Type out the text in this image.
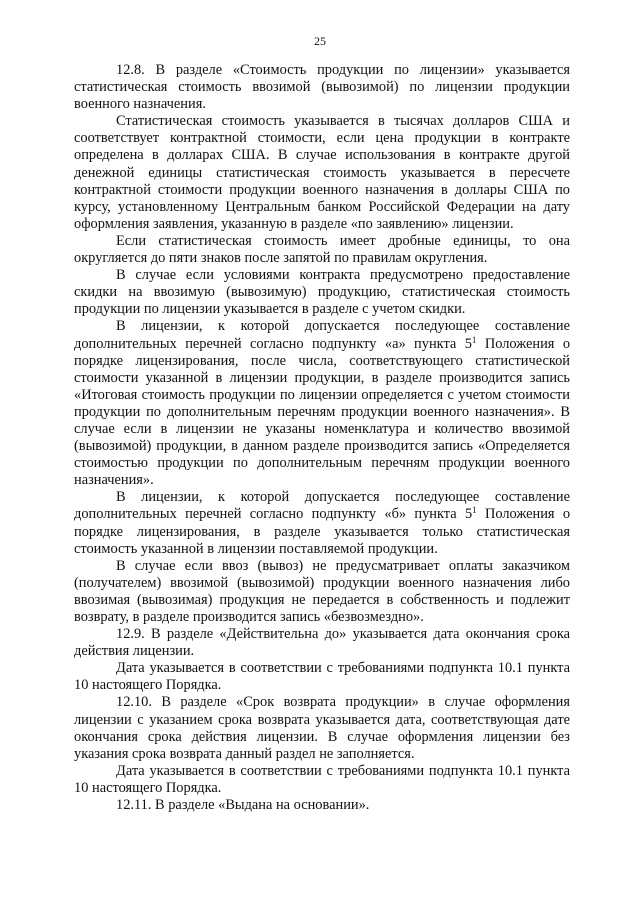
25

12.8. В разделе «Стоимость продукции по лицензии» указывается статистическая стоимость ввозимой (вывозимой) по лицензии продукции военного назначения.

Статистическая стоимость указывается в тысячах долларов США и соответствует контрактной стоимости, если цена продукции в контракте определена в долларах США. В случае использования в контракте другой денежной единицы статистическая стоимость указывается в пересчете контрактной стоимости продукции военного назначения в доллары США по курсу, установленному Центральным банком Российской Федерации на дату оформления заявления, указанную в разделе «по заявлению» лицензии.

Если статистическая стоимость имеет дробные единицы, то она округляется до пяти знаков после запятой по правилам округления.

В случае если условиями контракта предусмотрено предоставление скидки на ввозимую (вывозимую) продукцию, статистическая стоимость продукции по лицензии указывается в разделе с учетом скидки.

В лицензии, к которой допускается последующее составление дополнительных перечней согласно подпункту «а» пункта $5^1$ Положения о порядке лицензирования, после числа, соответствующего статистической стоимости указанной в лицензии продукции, в разделе производится запись «Итоговая стоимость продукции по лицензии определяется с учетом стоимости продукции по дополнительным перечням продукции военного назначения». В случае если в лицензии не указаны номенклатура и количество ввозимой (вывозимой) продукции, в данном разделе производится запись «Определяется стоимостью продукции по дополнительным перечням продукции военного назначения».

В лицензии, к которой допускается последующее составление дополнительных перечней согласно подпункту «б» пункта $5^1$ Положения о порядке лицензирования, в разделе указывается только статистическая стоимость указанной в лицензии поставляемой продукции.

В случае если ввоз (вывоз) не предусматривает оплаты заказчиком (получателем) ввозимой (вывозимой) продукции военного назначения либо ввозимая (вывозимая) продукция не передается в собственность и подлежит возврату, в разделе производится запись «безвозмездно».

12.9. В разделе «Действительна до» указывается дата окончания срока действия лицензии.

Дата указывается в соответствии с требованиями подпункта 10.1 пункта 10 настоящего Порядка.

12.10. В разделе «Срок возврата продукции» в случае оформления лицензии с указанием срока возврата указывается дата, соответствующая дате окончания срока действия лицензии. В случае оформления лицензии без указания срока возврата данный раздел не заполняется.

Дата указывается в соответствии с требованиями подпункта 10.1 пункта 10 настоящего Порядка.

12.11. В разделе «Выдана на основании».
